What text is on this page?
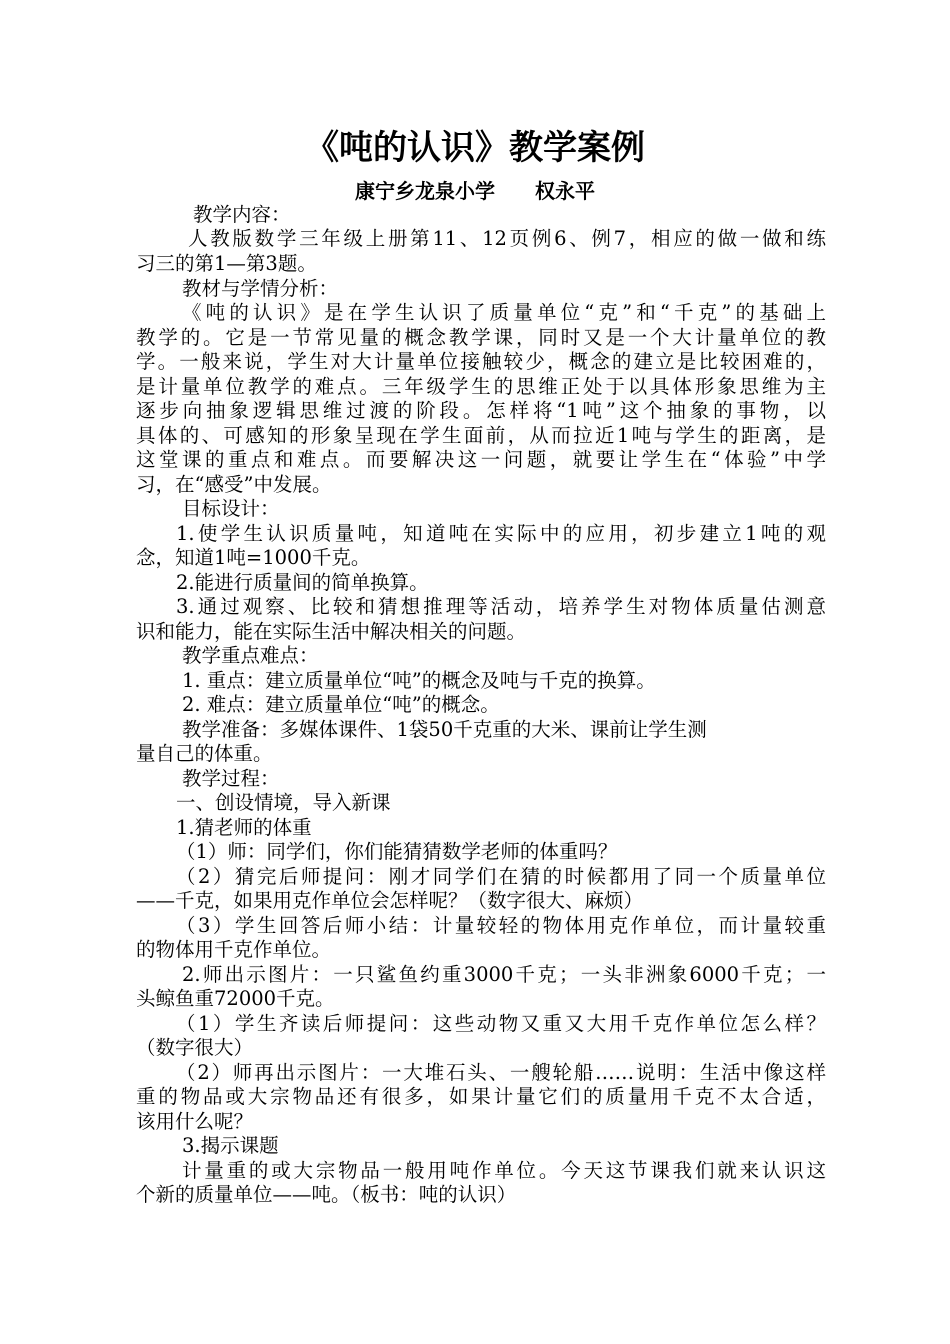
《吨的认识》教学案例
康宁乡龙泉小学　　权永平
教学内容：
人教版数学三年级上册第11、12页例6、例7，相应的做一做和练
习三的第1—第3题。
教材与学情分析：
《吨的认识》是在学生认识了质量单位“克”和“千克”的基础上
教学的。它是一节常见量的概念教学课，同时又是一个大计量单位的教
学。一般来说，学生对大计量单位接触较少，概念的建立是比较困难的，
是计量单位教学的难点。三年级学生的思维正处于以具体形象思维为主
逐步向抽象逻辑思维过渡的阶段。怎样将“1吨”这个抽象的事物，以
具体的、可感知的形象呈现在学生面前，从而拉近1吨与学生的距离，是
这堂课的重点和难点。而要解决这一问题，就要让学生在“体验”中学
习，在“感受”中发展。
目标设计：
1.使学生认识质量吨，知道吨在实际中的应用，初步建立1吨的观
念，知道1吨=1000千克。
2.能进行质量间的简单换算。
3.通过观察、比较和猜想推理等活动，培养学生对物体质量估测意
识和能力，能在实际生活中解决相关的问题。
教学重点难点：
1. 重点：建立质量单位“吨”的概念及吨与千克的换算。
2. 难点：建立质量单位“吨”的概念。
教学准备：多媒体课件、1袋50千克重的大米、课前让学生测
量自己的体重。
教学过程：
一、创设情境，导入新课
1.猜老师的体重
（1）师：同学们，你们能猜猜数学老师的体重吗？
（2）猜完后师提问：刚才同学们在猜的时候都用了同一个质量单位
——千克，如果用克作单位会怎样呢？（数字很大、麻烦）
（3）学生回答后师小结：计量较轻的物体用克作单位，而计量较重
的物体用千克作单位。
2.师出示图片：一只鲨鱼约重3000千克；一头非洲象6000千克；一
头鲸鱼重72000千克。
（1）学生齐读后师提问：这些动物又重又大用千克作单位怎么样？
（数字很大）
（2）师再出示图片：一大堆石头、一艘轮船……说明：生活中像这样
重的物品或大宗物品还有很多，如果计量它们的质量用千克不太合适，
该用什么呢？
3.揭示课题
计量重的或大宗物品一般用吨作单位。今天这节课我们就来认识这
个新的质量单位——吨。（板书：吨的认识）
